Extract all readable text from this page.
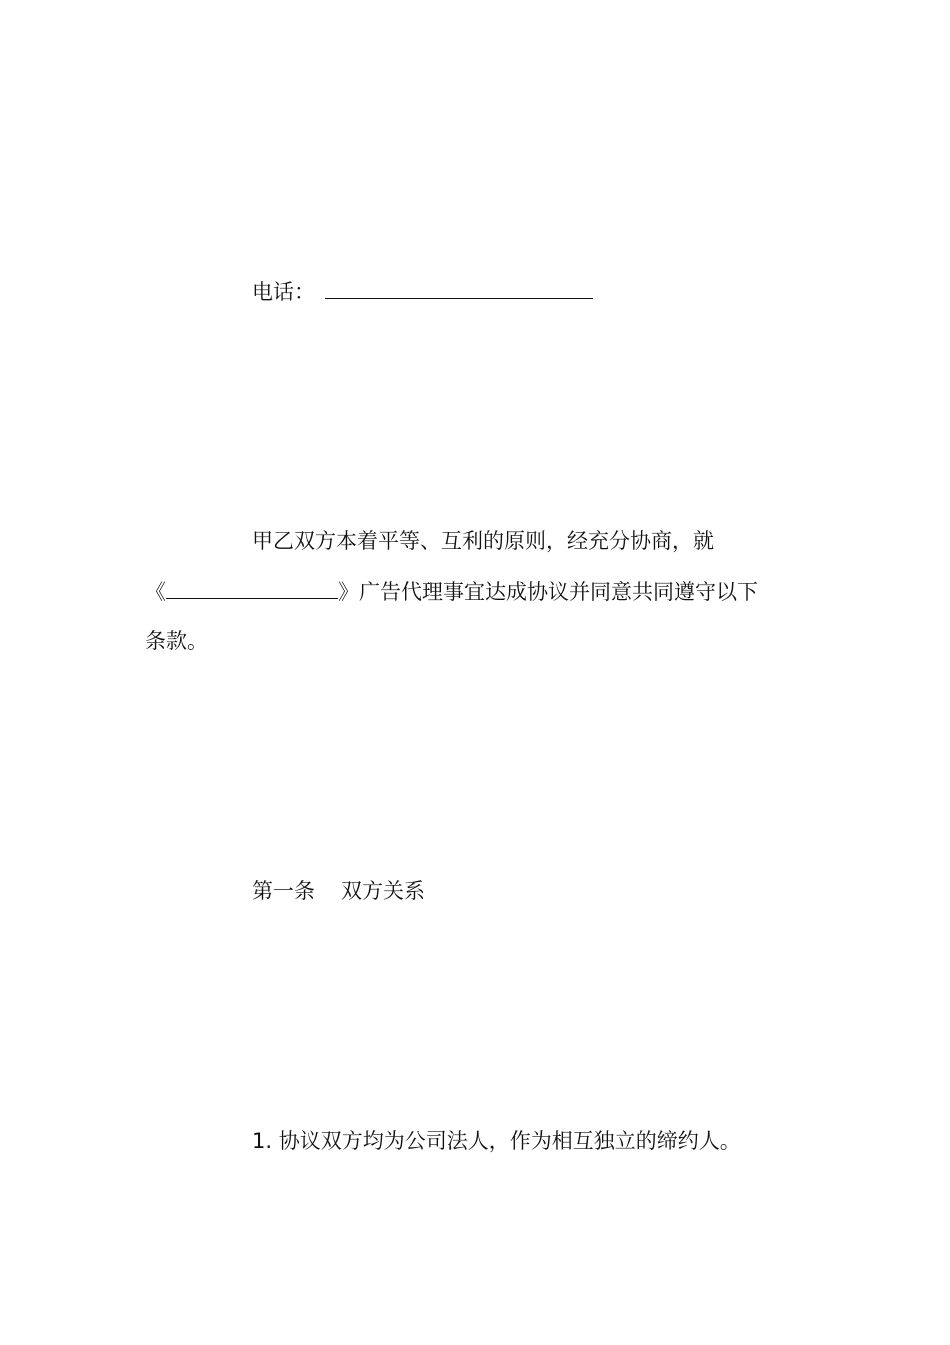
电话：
甲乙双方本着平等、互利的原则，经充分协商，就
《	》广告代理事宜达成协议并同意共同遵守以下
条款。
第一条 双方关系
1. 协议双方均为公司法人，作为相互独立的缔约人。
